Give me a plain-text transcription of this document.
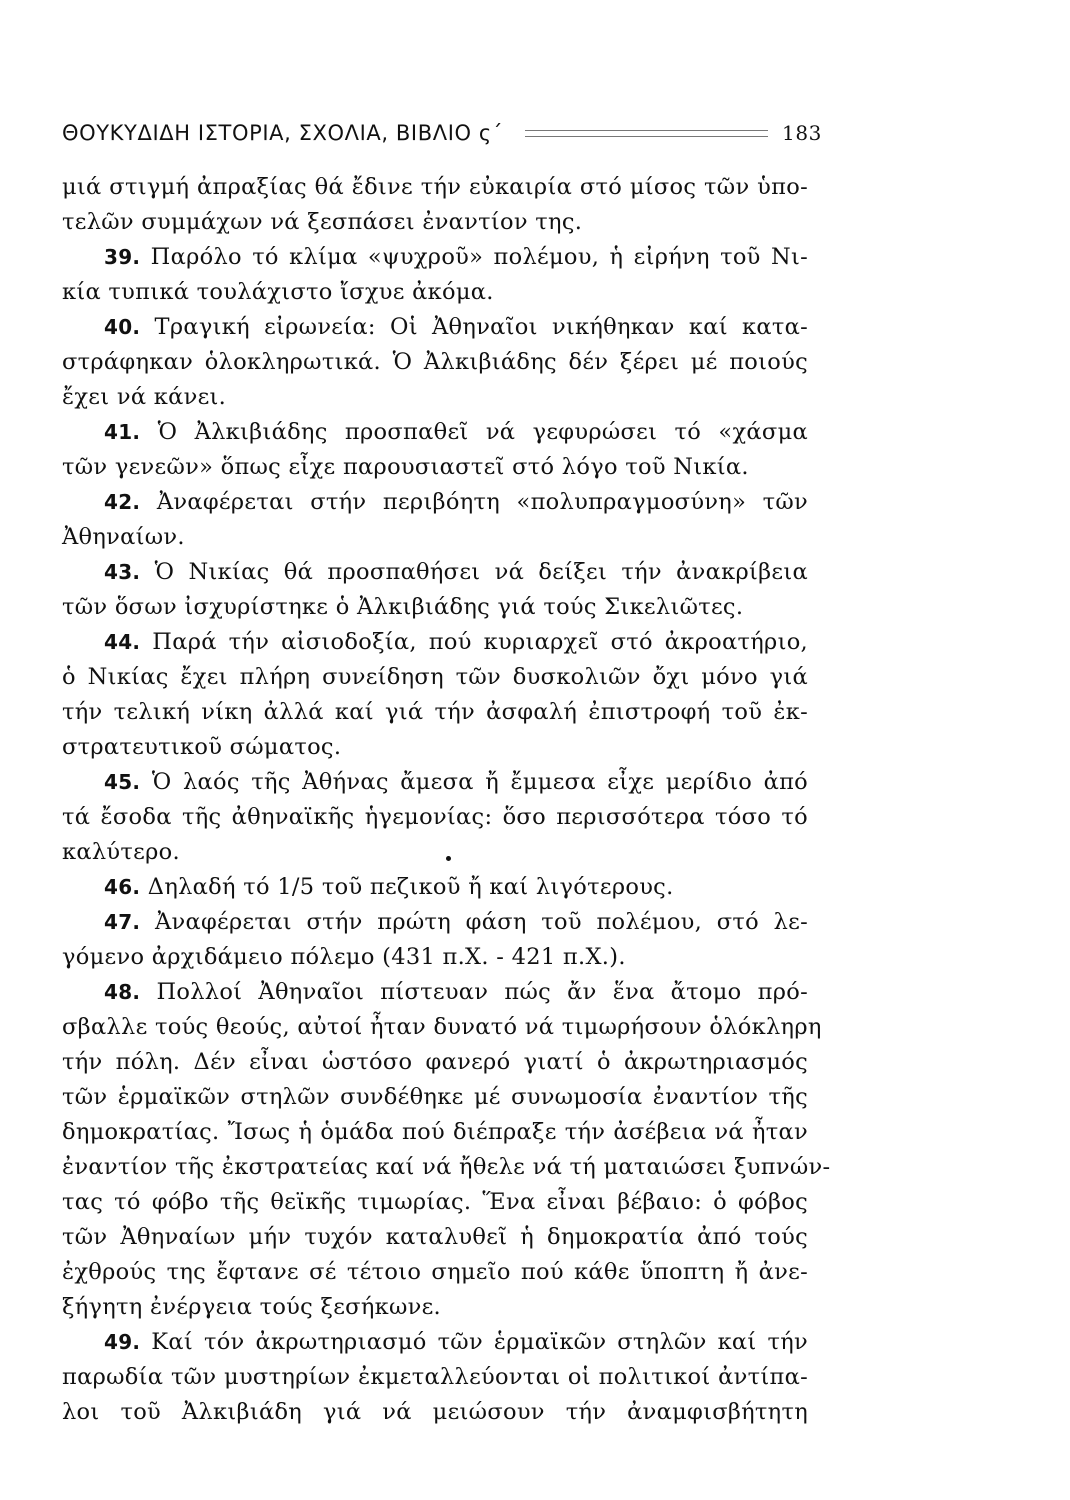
ΘΟΥΚΥΔΙΔΗ ΙΣΤΟΡΙΑ, ΣΧΟΛΙΑ, ΒΙΒΛΙΟ ς΄	183
μιά στιγμή ἀπραξίας θά ἔδινε τήν εὐκαιρία στό μίσος τῶν ὑπο-
τελῶν συμμάχων νά ξεσπάσει ἐναντίον της.
39. Παρόλο τό κλίμα «ψυχροῦ» πολέμου, ἡ εἰρήνη τοῦ Νι-
κία τυπικά τουλάχιστο ἴσχυε ἀκόμα.
40. Τραγική εἰρωνεία: Οἱ Ἀθηναῖοι νικήθηκαν καί κατα-
στράφηκαν ὁλοκληρωτικά. Ὁ Ἀλκιβιάδης δέν ξέρει μέ ποιούς
ἔχει νά κάνει.
41. Ὁ Ἀλκιβιάδης προσπαθεῖ νά γεφυρώσει τό «χάσμα
τῶν γενεῶν» ὅπως εἶχε παρουσιαστεῖ στό λόγο τοῦ Νικία.
42. Ἀναφέρεται στήν περιβόητη «πολυπραγμοσύνη» τῶν
Ἀθηναίων.
43. Ὁ Νικίας θά προσπαθήσει νά δείξει τήν ἀνακρίβεια
τῶν ὅσων ἰσχυρίστηκε ὁ Ἀλκιβιάδης γιά τούς Σικελιῶτες.
44. Παρά τήν αἰσιοδοξία, πού κυριαρχεῖ στό ἀκροατήριο,
ὁ Νικίας ἔχει πλήρη συνείδηση τῶν δυσκολιῶν ὄχι μόνο γιά
τήν τελική νίκη ἀλλά καί γιά τήν ἀσφαλή ἐπιστροφή τοῦ ἐκ-
στρατευτικοῦ σώματος.
45. Ὁ λαός τῆς Ἀθήνας ἄμεσα ἤ ἔμμεσα εἶχε μερίδιο ἀπό
τά ἔσοδα τῆς ἀθηναϊκῆς ἡγεμονίας: ὅσο περισσότερα τόσο τό
καλύτερο.
46. Δηλαδή τό 1/5 τοῦ πεζικοῦ ἤ καί λιγότερους.
47. Ἀναφέρεται στήν πρώτη φάση τοῦ πολέμου, στό λε-
γόμενο ἀρχιδάμειο πόλεμο (431 π.Χ. - 421 π.Χ.).
48. Πολλοί Ἀθηναῖοι πίστευαν πώς ἄν ἕνα ἄτομο πρό-
σβαλλε τούς θεούς, αὐτοί ἦταν δυνατό νά τιμωρήσουν ὁλόκληρη
τήν πόλη. Δέν εἶναι ὡστόσο φανερό γιατί ὁ ἀκρωτηριασμός
τῶν ἑρμαϊκῶν στηλῶν συνδέθηκε μέ συνωμοσία ἐναντίον τῆς
δημοκρατίας. Ἴσως ἡ ὁμάδα πού διέπραξε τήν ἀσέβεια νά ἦταν
ἐναντίον τῆς ἐκστρατείας καί νά ἤθελε νά τή ματαιώσει ξυπνών-
τας τό φόβο τῆς θεϊκῆς τιμωρίας. Ἕνα εἶναι βέβαιο: ὁ φόβος
τῶν Ἀθηναίων μήν τυχόν καταλυθεῖ ἡ δημοκρατία ἀπό τούς
ἐχθρούς της ἔφτανε σέ τέτοιο σημεῖο πού κάθε ὕποπτη ἤ ἀνε-
ξήγητη ἐνέργεια τούς ξεσήκωνε.
49. Καί τόν ἀκρωτηριασμό τῶν ἑρμαϊκῶν στηλῶν καί τήν
παρωδία τῶν μυστηρίων ἐκμεταλλεύονται οἱ πολιτικοί ἀντίπα-
λοι τοῦ Ἀλκιβιάδη γιά νά μειώσουν τήν ἀναμφισβήτητη
